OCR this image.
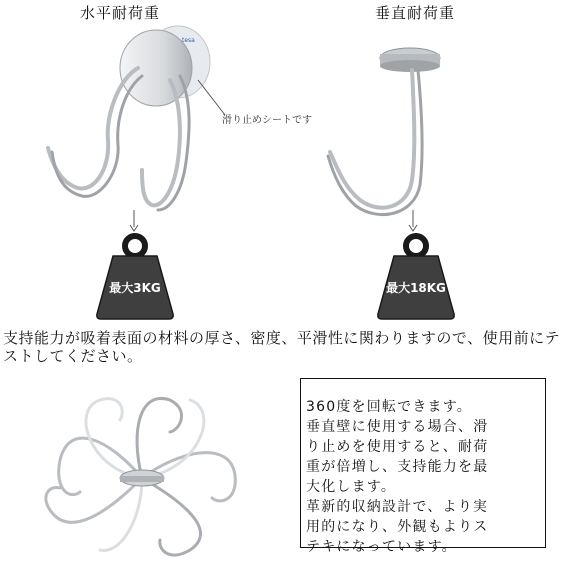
水平耐荷重	垂直耐荷重
tesa
滑り止めシートです
最大3KG	最大18KG
支持能力が吸着表面の材料の厚さ、密度、平滑性に関わりますので、使用前にテストしてください。
360度を回転できます。
垂直壁に使用する場合、滑
り止めを使用すると、耐荷
重が倍増し、支持能力を最
大化します。
革新的収納設計で、より実
用的になり、外観もよりス
テキになっています。
